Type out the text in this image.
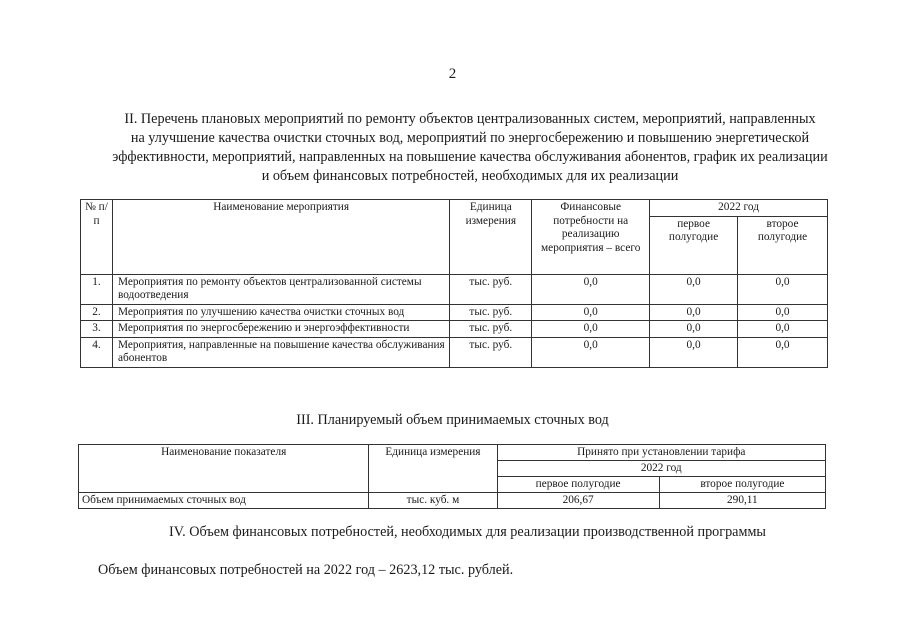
2
II. Перечень плановых мероприятий по ремонту объектов централизованных систем, мероприятий, направленных
на улучшение качества очистки сточных вод, мероприятий по энергосбережению и повышению энергетической
эффективности, мероприятий, направленных на повышение качества обслуживания абонентов, график их реализации
и объем финансовых потребностей, необходимых для их реализации
№ п/п	Наименование мероприятия	Единица измерения	Финансовые потребности на реализацию мероприятия – всего	2022 год	
				первое полугодие	второе полугодие
1.	Мероприятия по ремонту объектов централизованной системы водоотведения	тыс. руб.	0,0	0,0	0,0
2.	Мероприятия по улучшению качества очистки сточных вод	тыс. руб.	0,0	0,0	0,0
3.	Мероприятия по энергосбережению и энергоэффективности	тыс. руб.	0,0	0,0	0,0
4.	Мероприятия, направленные на повышение качества обслуживания абонентов	тыс. руб.	0,0	0,0	0,0
III. Планируемый объем принимаемых сточных вод
Наименование показателя	Единица измерения	Принято при установлении тарифа	
		2022 год	
		первое полугодие	второе полугодие
Объем принимаемых сточных вод	тыс. куб. м	206,67	290,11
IV. Объем финансовых потребностей, необходимых для реализации производственной программы
Объем финансовых потребностей на 2022 год – 2623,12 тыс. рублей.
